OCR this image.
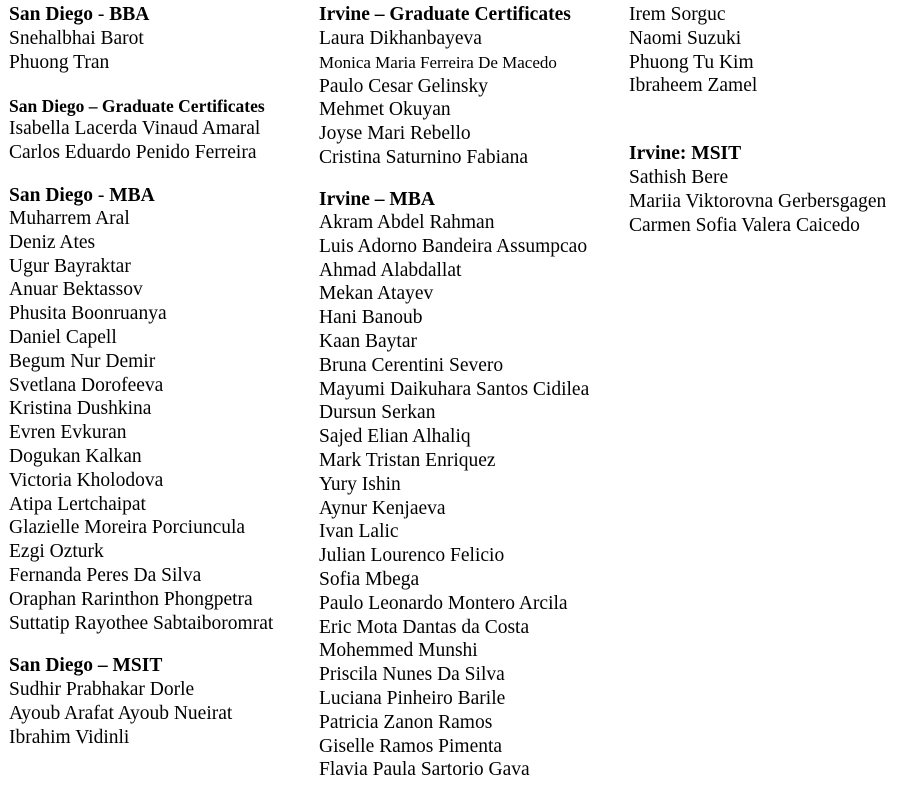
San Diego - BBA
Snehalbhai Barot
Phuong Tran
San Diego – Graduate Certificates
Isabella Lacerda Vinaud Amaral
Carlos Eduardo Penido Ferreira
San Diego - MBA
Muharrem Aral
Deniz Ates
Ugur Bayraktar
Anuar Bektassov
Phusita Boonruanya
Daniel Capell
Begum Nur Demir
Svetlana Dorofeeva
Kristina Dushkina
Evren Evkuran
Dogukan Kalkan
Victoria Kholodova
Atipa Lertchaipat
Glazielle Moreira Porciuncula
Ezgi Ozturk
Fernanda Peres Da Silva
Oraphan Rarinthon Phongpetra
Suttatip Rayothee Sabtaiboromrat
San Diego – MSIT
Sudhir Prabhakar Dorle
Ayoub Arafat Ayoub Nueirat
Ibrahim Vidinli
Irvine – Graduate Certificates
Laura Dikhanbayeva
Monica Maria Ferreira De Macedo
Paulo Cesar Gelinsky
Mehmet Okuyan
Joyse Mari Rebello
Cristina Saturnino Fabiana
Irvine – MBA
Akram Abdel Rahman
Luis Adorno Bandeira Assumpcao
Ahmad Alabdallat
Mekan Atayev
Hani Banoub
Kaan Baytar
Bruna Cerentini Severo
Mayumi Daikuhara Santos Cidilea
Dursun Serkan
Sajed Elian Alhaliq
Mark Tristan Enriquez
Yury Ishin
Aynur Kenjaeva
Ivan Lalic
Julian Lourenco Felicio
Sofia Mbega
Paulo Leonardo Montero Arcila
Eric Mota Dantas da Costa
Mohemmed Munshi
Priscila Nunes Da Silva
Luciana Pinheiro Barile
Patricia Zanon Ramos
Giselle Ramos Pimenta
Flavia Paula Sartorio Gava
Irem Sorguc
Naomi Suzuki
Phuong Tu Kim
Ibraheem Zamel
Irvine: MSIT
Sathish Bere
Mariia Viktorovna Gerbersgagen
Carmen Sofia Valera Caicedo
